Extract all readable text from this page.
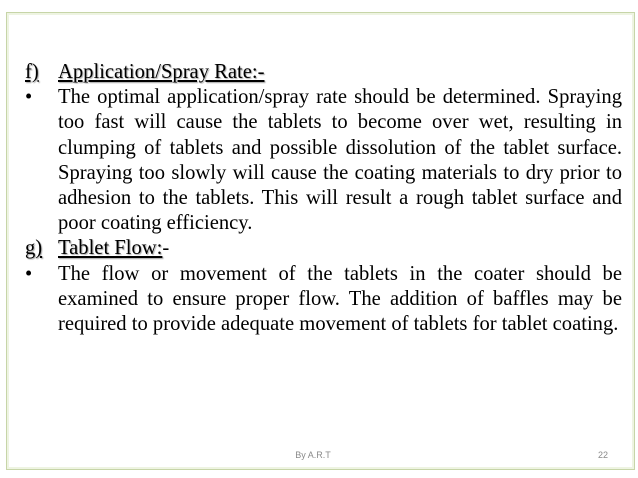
f) Application/Spray Rate:-
•	The optimal application/spray rate should be determined. Spraying too fast will cause the tablets to become over wet, resulting in clumping of tablets and possible dissolution of the tablet surface. Spraying too slowly will cause the coating materials to dry prior to adhesion to the tablets. This will result a rough tablet surface and poor coating efficiency.
g) Tablet Flow:-
•	The flow or movement of the tablets in the coater should be examined to ensure proper flow. The addition of baffles may be required to provide adequate movement of tablets for tablet coating.
By A.R.T	22
